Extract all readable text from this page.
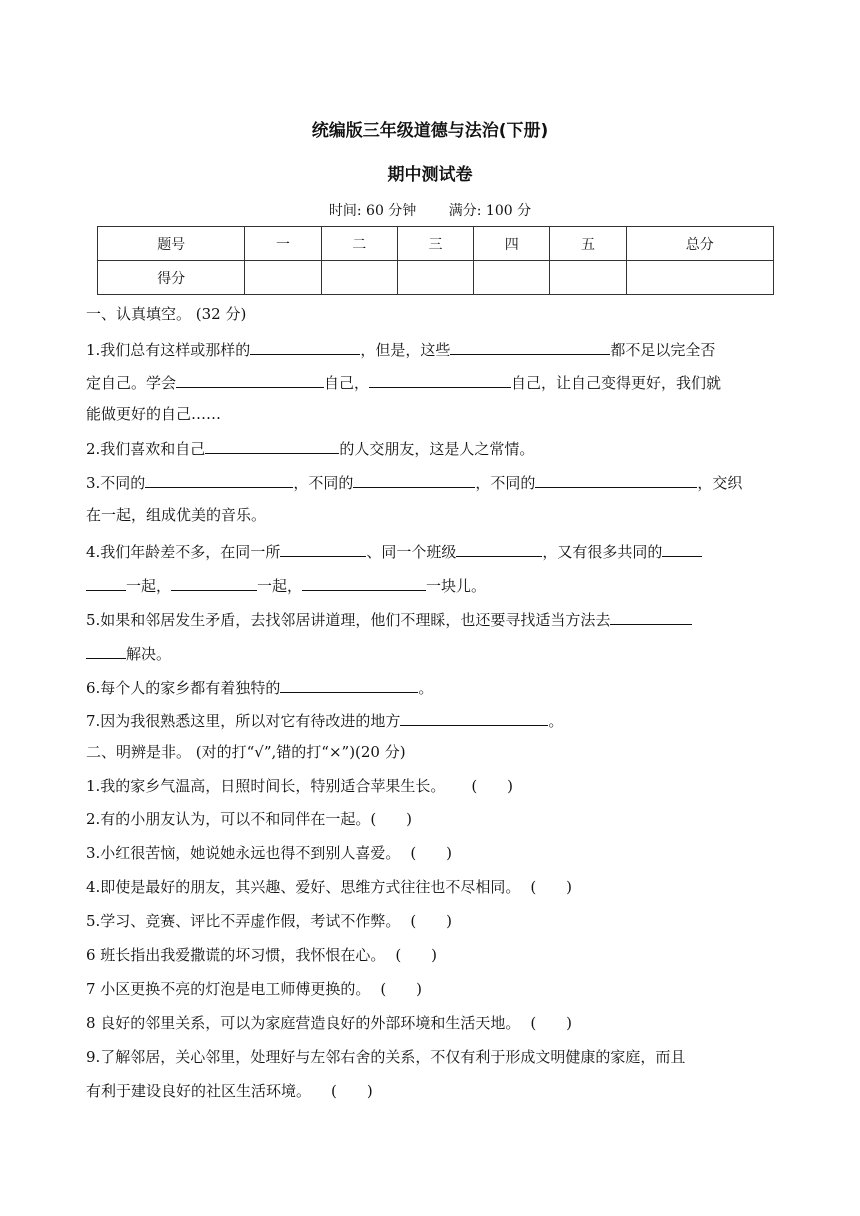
统编版三年级道德与法治(下册)
期中测试卷
时间: 60 分钟 满分: 100 分
题号	一	二	三	四	五	总分
得分						
一、认真填空。 (32 分)
1.我们总有这样或那样的	，但是，这些	都不足以完全否
定自己。学会	自己，	自己，让自己变得更好，我们就
能做更好的自己……
2.我们喜欢和自己	的人交朋友，这是人之常情。
3.不同的	，不同的	，不同的	，交织
在一起，组成优美的音乐。
4.我们年龄差不多，在同一所	、同一个班级	，又有很多共同的
一起，	一起，	一块儿。
5.如果和邻居发生矛盾，去找邻居讲道理，他们不理睬，也还要寻找适当方法去
解决。
6.每个人的家乡都有着独特的	。
7.因为我很熟悉这里，所以对它有待改进的地方	。
二、明辨是非。 (对的打“√”,错的打“×”)(20 分)
1.我的家乡气温高，日照时间长，特别适合苹果生长。 (　　)
2.有的小朋友认为，可以不和同伴在一起。(　　)
3.小红很苦恼，她说她永远也得不到别人喜爱。 (　　)
4.即使是最好的朋友，其兴趣、爱好、思维方式往往也不尽相同。 (　　)
5.学习、竞赛、评比不弄虚作假，考试不作弊。 (　　)
6 班长指出我爱撒谎的坏习惯，我怀恨在心。 (　　)
7 小区更换不亮的灯泡是电工师傅更换的。 (　　)
8 良好的邻里关系，可以为家庭营造良好的外部环境和生活天地。 (　　)
9.了解邻居，关心邻里，处理好与左邻右舍的关系，不仅有利于形成文明健康的家庭，而且
有利于建设良好的社区生活环境。 (　　)
